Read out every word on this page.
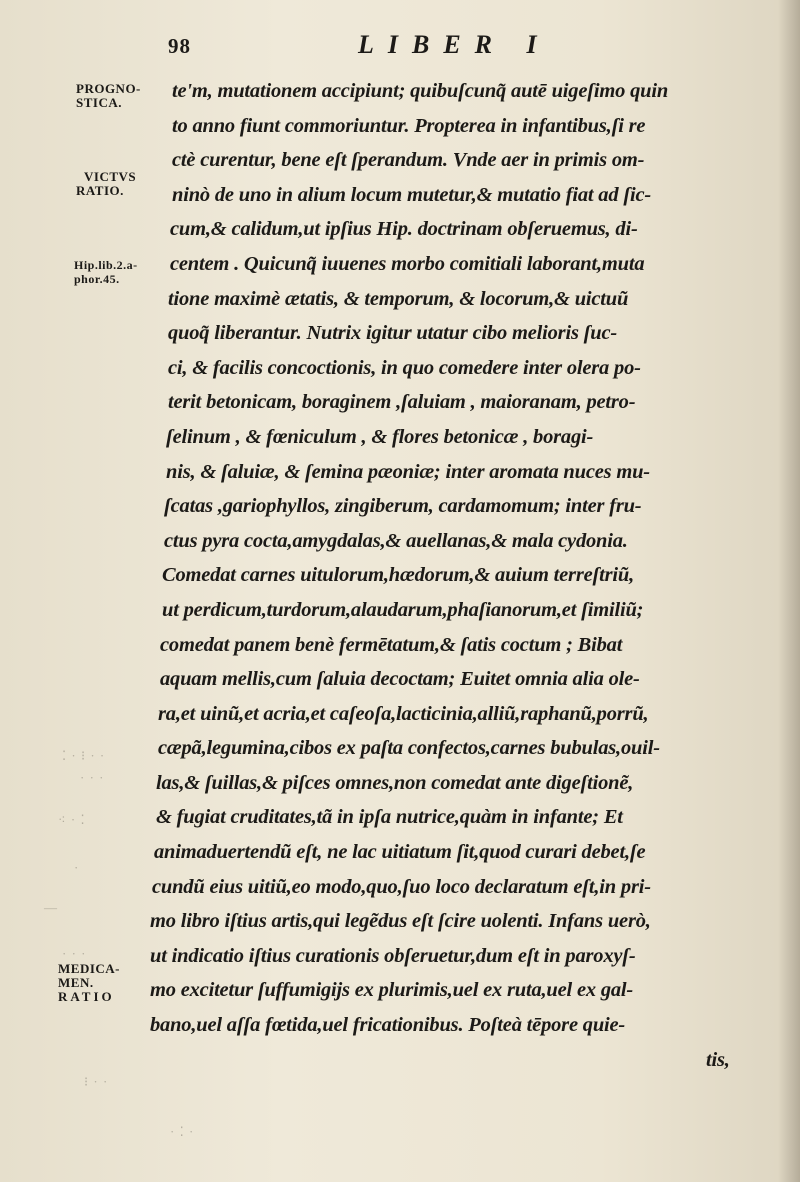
98	LIBER I
PROGNO-
STICA.
VICTVS
RATIO.
Hip.lib.2.a-
phor.45.
MEDICA-
MEN.
RATIO
⁚ · ⁝ · ·
· · ·
⁖ · ⁚
·
—
· · ·
⁝ · ·
· ⁚ ·
te'm, mutationem accipiunt; quibuſcunq̃ autē uigeſimo quin
to anno fiunt commoriuntur. Propterea in infantibus,ſi re
ctè curentur, bene eſt ſperandum. Vnde aer in primis om-
ninò de uno in alium locum mutetur,& mutatio fiat ad ſic-
cum,& calidum,ut ipſius Hip. doctrinam obſeruemus, di-
centem . Quicunq̃ iuuenes morbo comitiali laborant,muta
tione maximè ætatis, & temporum, & locorum,& uictuũ
quoq̃ liberantur. Nutrix igitur utatur cibo melioris ſuc-
ci, & facilis concoctionis, in quo comedere inter olera po-
terit betonicam, boraginem ,ſaluiam , maioranam, petro-
ſelinum , & fœniculum , & flores betonicæ , boragi-
nis, & ſaluiæ, & ſemina pæoniæ; inter aromata nuces mu-
ſcatas ,gariophyllos, zingiberum, cardamomum; inter fru-
ctus pyra cocta,amygdalas,& auellanas,& mala cydonia.
Comedat carnes uitulorum,hædorum,& auium terreſtriũ,
ut perdicum,turdorum,alaudarum,phaſianorum,et ſimiliũ;
comedat panem benè fermētatum,& ſatis coctum ; Bibat
aquam mellis,cum ſaluia decoctam; Euitet omnia alia ole-
ra,et uinũ,et acria,et caſeoſa,lacticinia,alliũ,raphanũ,porrũ,
cæpã,legumina,cibos ex paſta confectos,carnes bubulas,ouil-
las,& ſuillas,& piſces omnes,non comedat ante digeſtionẽ,
& fugiat cruditates,tã in ipſa nutrice,quàm in infante; Et
animaduertendũ eſt, ne lac uitiatum ſit,quod curari debet,ſe
cundũ eius uitiũ,eo modo,quo,ſuo loco declaratum eſt,in pri-
mo libro iſtius artis,qui legẽdus eſt ſcire uolenti. Infans uerò,
ut indicatio iſtius curationis obſeruetur,dum eſt in paroxyſ-
mo excitetur ſuffumigijs ex plurimis,uel ex ruta,uel ex gal-
bano,uel aſſa fœtida,uel fricationibus. Poſteà tēpore quie-
tis,
